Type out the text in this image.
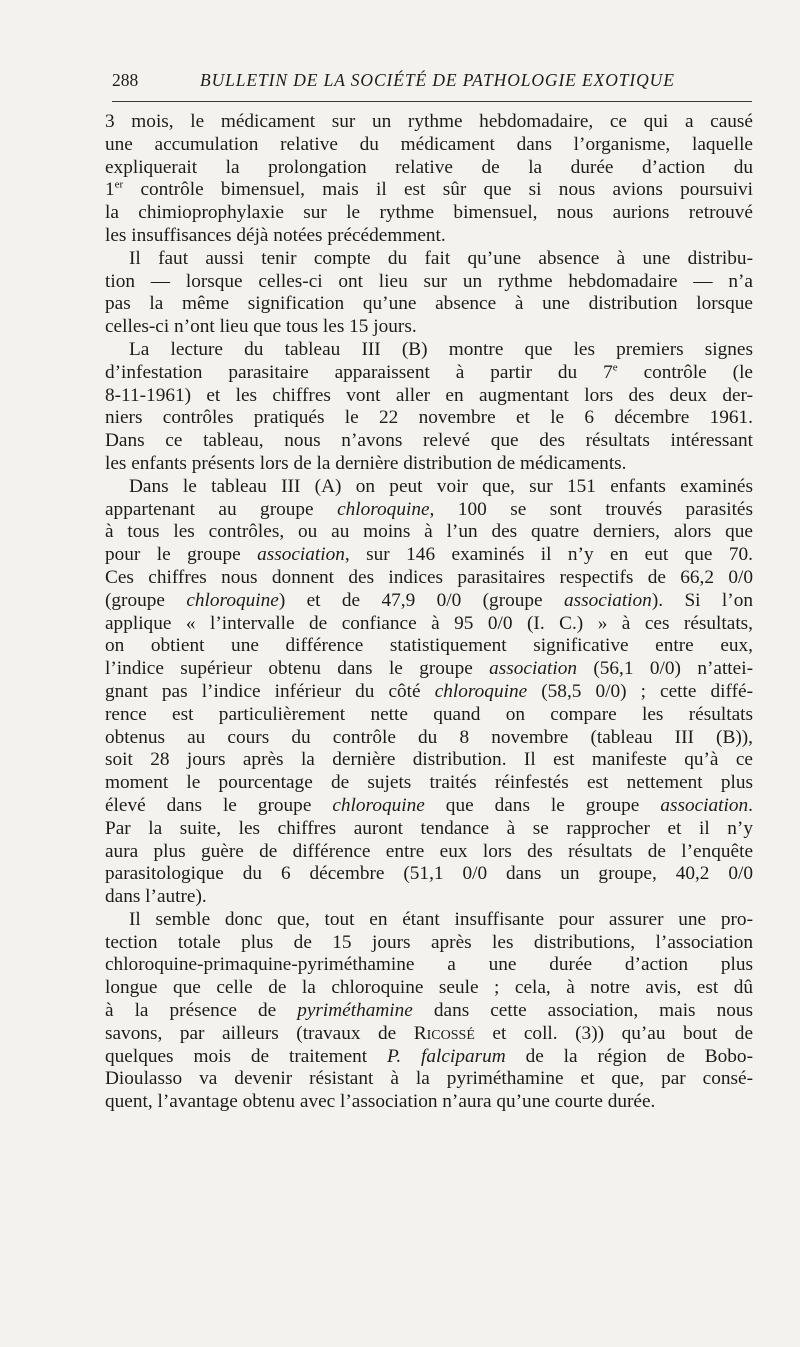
288	BULLETIN DE LA SOCIÉTÉ DE PATHOLOGIE EXOTIQUE
3 mois, le médicament sur un rythme hebdomadaire, ce qui a causé
une accumulation relative du médicament dans l’organisme, laquelle
expliquerait la prolongation relative de la durée d’action du
1er contrôle bimensuel, mais il est sûr que si nous avions poursuivi
la chimioprophylaxie sur le rythme bimensuel, nous aurions retrouvé
les insuffisances déjà notées précédemment.
Il faut aussi tenir compte du fait qu’une absence à une distribu-
tion — lorsque celles-ci ont lieu sur un rythme hebdomadaire — n’a
pas la même signification qu’une absence à une distribution lorsque
celles-ci n’ont lieu que tous les 15 jours.
La lecture du tableau III (B) montre que les premiers signes
d’infestation parasitaire apparaissent à partir du 7e contrôle (le
8-11-1961) et les chiffres vont aller en augmentant lors des deux der-
niers contrôles pratiqués le 22 novembre et le 6 décembre 1961.
Dans ce tableau, nous n’avons relevé que des résultats intéressant
les enfants présents lors de la dernière distribution de médicaments.
Dans le tableau III (A) on peut voir que, sur 151 enfants examinés
appartenant au groupe chloroquine, 100 se sont trouvés parasités
à tous les contrôles, ou au moins à l’un des quatre derniers, alors que
pour le groupe association, sur 146 examinés il n’y en eut que 70.
Ces chiffres nous donnent des indices parasitaires respectifs de 66,2 0/0
(groupe chloroquine) et de 47,9 0/0 (groupe association). Si l’on
applique « l’intervalle de confiance à 95 0/0 (I. C.) » à ces résultats,
on obtient une différence statistiquement significative entre eux,
l’indice supérieur obtenu dans le groupe association (56,1 0/0) n’attei-
gnant pas l’indice inférieur du côté chloroquine (58,5 0/0) ; cette diffé-
rence est particulièrement nette quand on compare les résultats
obtenus au cours du contrôle du 8 novembre (tableau III (B)),
soit 28 jours après la dernière distribution. Il est manifeste qu’à ce
moment le pourcentage de sujets traités réinfestés est nettement plus
élevé dans le groupe chloroquine que dans le groupe association.
Par la suite, les chiffres auront tendance à se rapprocher et il n’y
aura plus guère de différence entre eux lors des résultats de l’enquête
parasitologique du 6 décembre (51,1 0/0 dans un groupe, 40,2 0/0
dans l’autre).
Il semble donc que, tout en étant insuffisante pour assurer une pro-
tection totale plus de 15 jours après les distributions, l’association
chloroquine-primaquine-pyriméthamine a une durée d’action plus
longue que celle de la chloroquine seule ; cela, à notre avis, est dû
à la présence de pyriméthamine dans cette association, mais nous
savons, par ailleurs (travaux de Ricossé et coll. (3)) qu’au bout de
quelques mois de traitement P. falciparum de la région de Bobo-
Dioulasso va devenir résistant à la pyriméthamine et que, par consé-
quent, l’avantage obtenu avec l’association n’aura qu’une courte durée.
